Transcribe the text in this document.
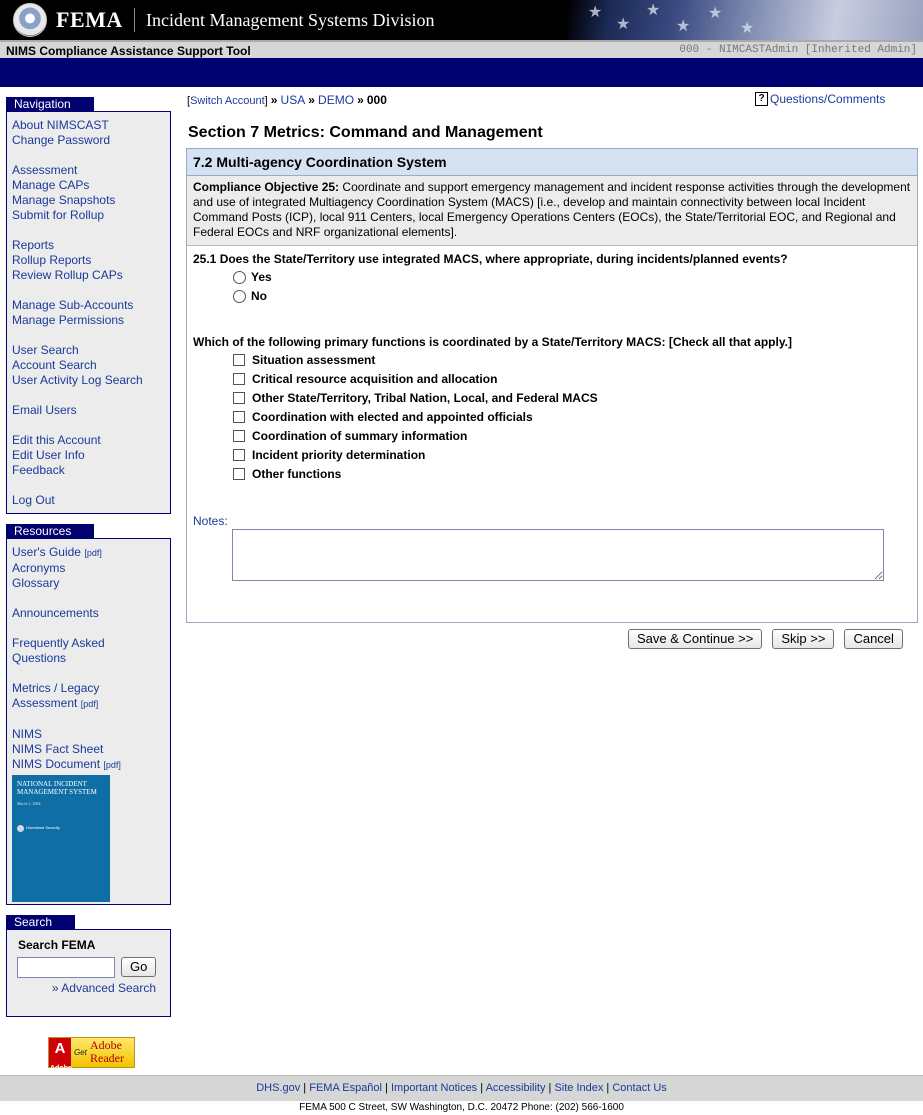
FEMA Incident Management Systems Division	★
★
★
★
★
★
NIMS Compliance Assistance Support Tool	000 - NIMCASTAdmin [Inherited Admin]
Navigation
About NIMSCAST
Change Password
Assessment
Manage CAPs
Manage Snapshots
Submit for Rollup
Reports
Rollup Reports
Review Rollup CAPs
Manage Sub-Accounts
Manage Permissions
User Search
Account Search
User Activity Log Search
Email Users
Edit this Account
Edit User Info
Feedback
Log Out
Resources
User's Guide [pdf]
Acronyms
Glossary
Announcements
Frequently Asked
Questions
Metrics / Legacy
Assessment [pdf]
NIMS
NIMS Fact Sheet
NIMS Document [pdf]
NATIONAL INCIDENT MANAGEMENT SYSTEM
March 1, 2004
Homeland Security
Search
Search FEMA
Go
» Advanced Search
A
Adobe
Get
Adobe
Reader
[Switch Account] » USA » DEMO » 000	? Questions/Comments
Section 7 Metrics: Command and Management
7.2 Multi-agency Coordination System
Compliance Objective 25: Coordinate and support emergency management and incident response activities through the development and use of integrated Multiagency Coordination System (MACS) [i.e., develop and maintain connectivity between local Incident Command Posts (ICP), local 911 Centers, local Emergency Operations Centers (EOCs), the State/Territorial EOC, and Regional and Federal EOCs and NRF organizational elements].
25.1 Does the State/Territory use integrated MACS, where appropriate, during incidents/planned events?
Yes
No
Which of the following primary functions is coordinated by a State/Territory MACS: [Check all that apply.]
Situation assessment
Critical resource acquisition and allocation
Other State/Territory, Tribal Nation, Local, and Federal MACS
Coordination with elected and appointed officials
Coordination of summary information
Incident priority determination
Other functions
Notes:
Save & Continue >>	Skip >>	Cancel
DHS.gov | FEMA Español | Important Notices | Accessibility | Site Index | Contact Us
FEMA 500 C Street, SW Washington, D.C. 20472 Phone: (202) 566-1600
